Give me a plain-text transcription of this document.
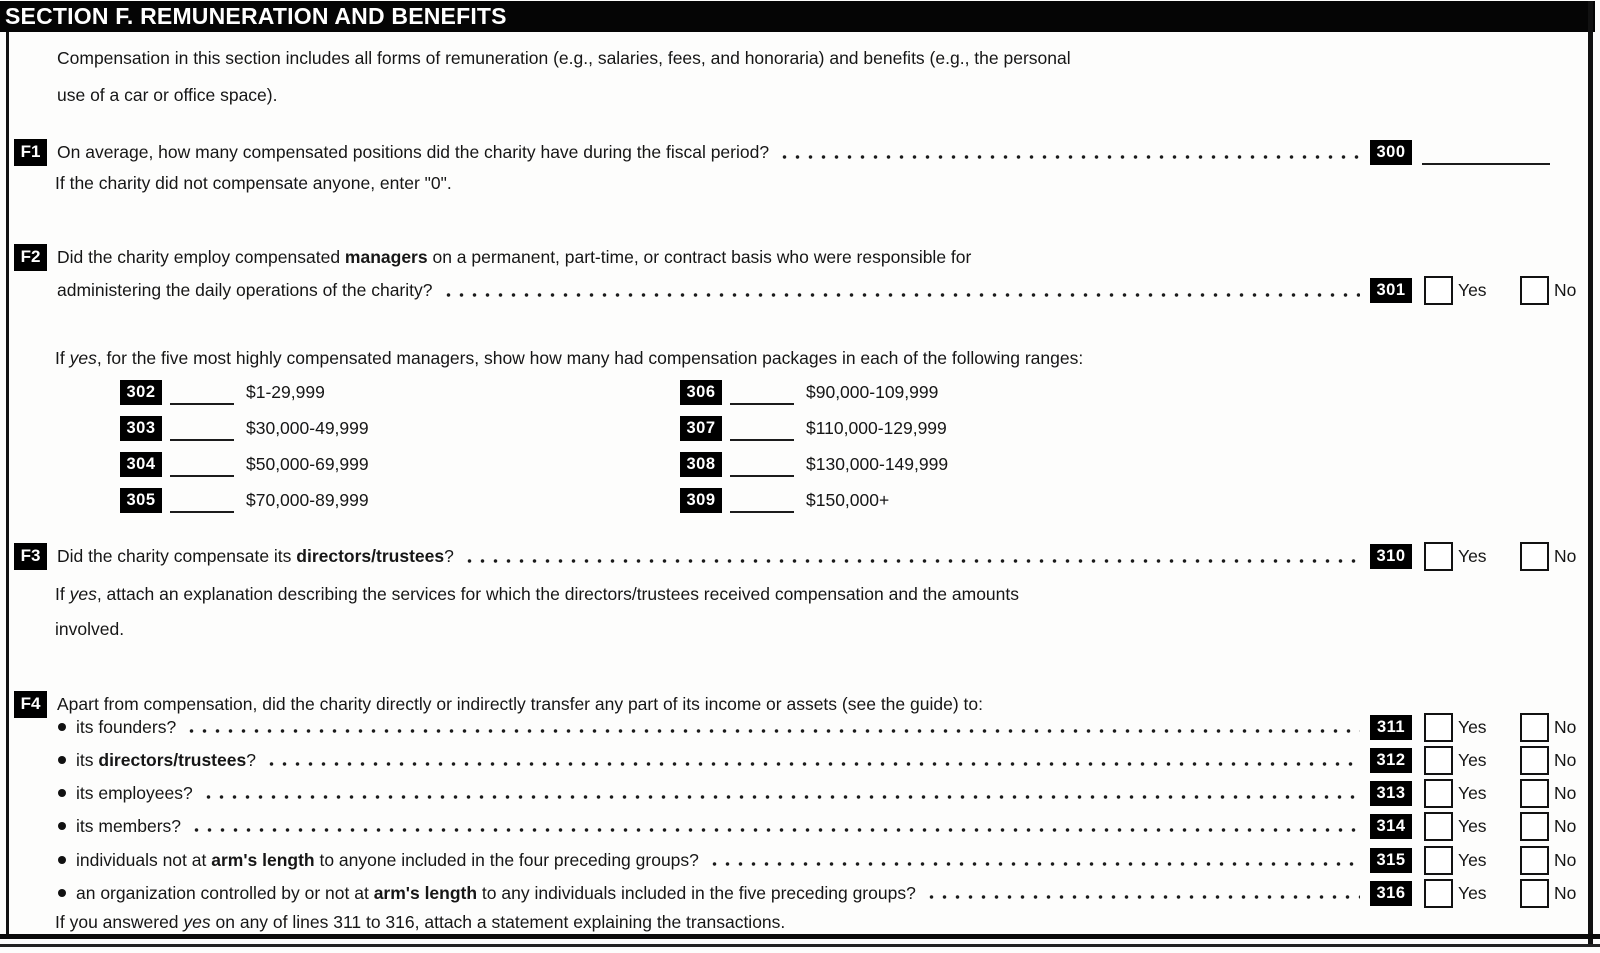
SECTION F. REMUNERATION AND BENEFITS
Compensation in this section includes all forms of remuneration (e.g., salaries, fees, and honoraria) and benefits (e.g., the personal
use of a car or office space).
F1 On average, how many compensated positions did the charity have during the fiscal period?	300
If the charity did not compensate anyone, enter "0".
F2 Did the charity employ compensated managers on a permanent, part-time, or contract basis who were responsible for
administering the daily operations of the charity?	301	Yes	No
If yes, for the five most highly compensated managers, show how many had compensation packages in each of the following ranges:
302	$1-29,999
303	$30,000-49,999
304	$50,000-69,999
305	$70,000-89,999
306	$90,000-109,999
307	$110,000-129,999
308	$130,000-149,999
309	$150,000+
F3 Did the charity compensate its directors/trustees?	310	Yes	No
If yes, attach an explanation describing the services for which the directors/trustees received compensation and the amounts
involved.
F4 Apart from compensation, did the charity directly or indirectly transfer any part of its income or assets (see the guide) to:
its founders?	311	Yes	No
its directors/trustees?	312	Yes	No
its employees?	313	Yes	No
its members?	314	Yes	No
individuals not at arm's length to anyone included in the four preceding groups?	315	Yes	No
an organization controlled by or not at arm's length to any individuals included in the five preceding groups?	316	Yes	No
If you answered yes on any of lines 311 to 316, attach a statement explaining the transactions.
